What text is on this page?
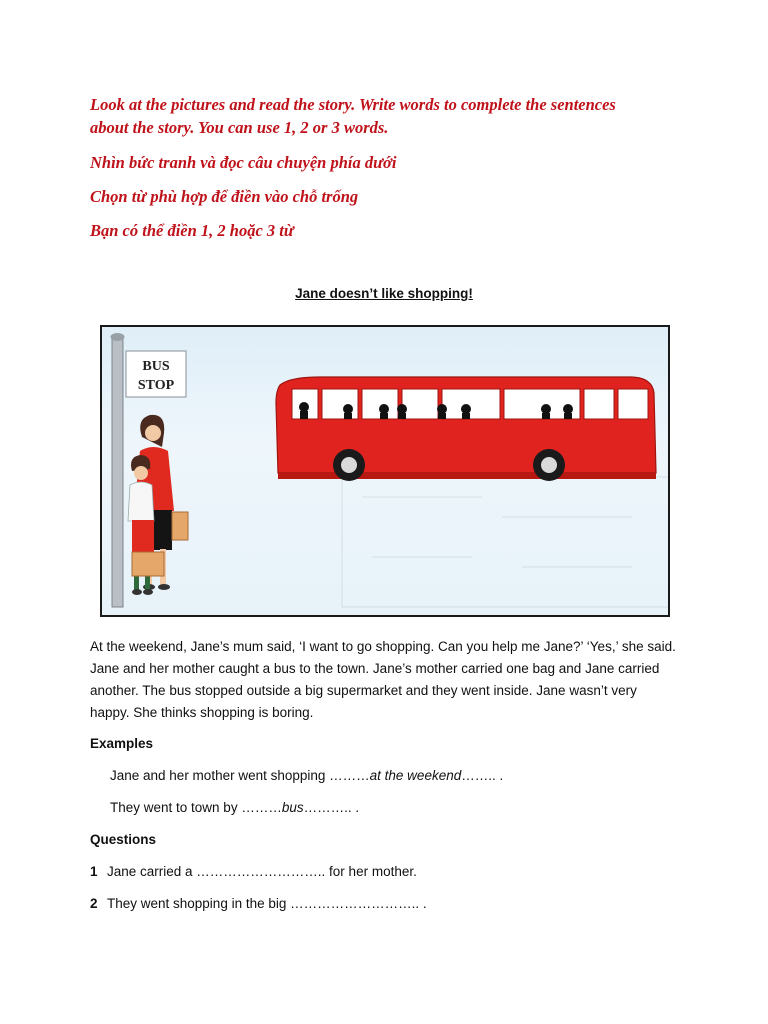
Look at the pictures and read the story. Write words to complete the sentences

about the story. You can use 1, 2 or 3 words.

Nhìn bức tranh và đọc câu chuyện phía dưới

Chọn từ phù hợp để điền vào chỗ trống

Bạn có thể điền 1, 2 hoặc 3 từ

Jane doesn’t like shopping!

BUS
STOP

At the weekend, Jane’s mum said, ‘I want to go shopping. Can you help me Jane?’ ‘Yes,’ she said.
Jane and her mother caught a bus to the town. Jane’s mother carried one bag and Jane carried
another. The bus stopped outside a big supermarket and they went inside. Jane wasn’t very
happy. She thinks shopping is boring.

Examples

Jane and her mother went shopping ………at the weekend…….. .

They went to town by ………bus……….. .

Questions

1 Jane carried a ……………………….. for her mother.

2 They went shopping in the big ……………………….. .
